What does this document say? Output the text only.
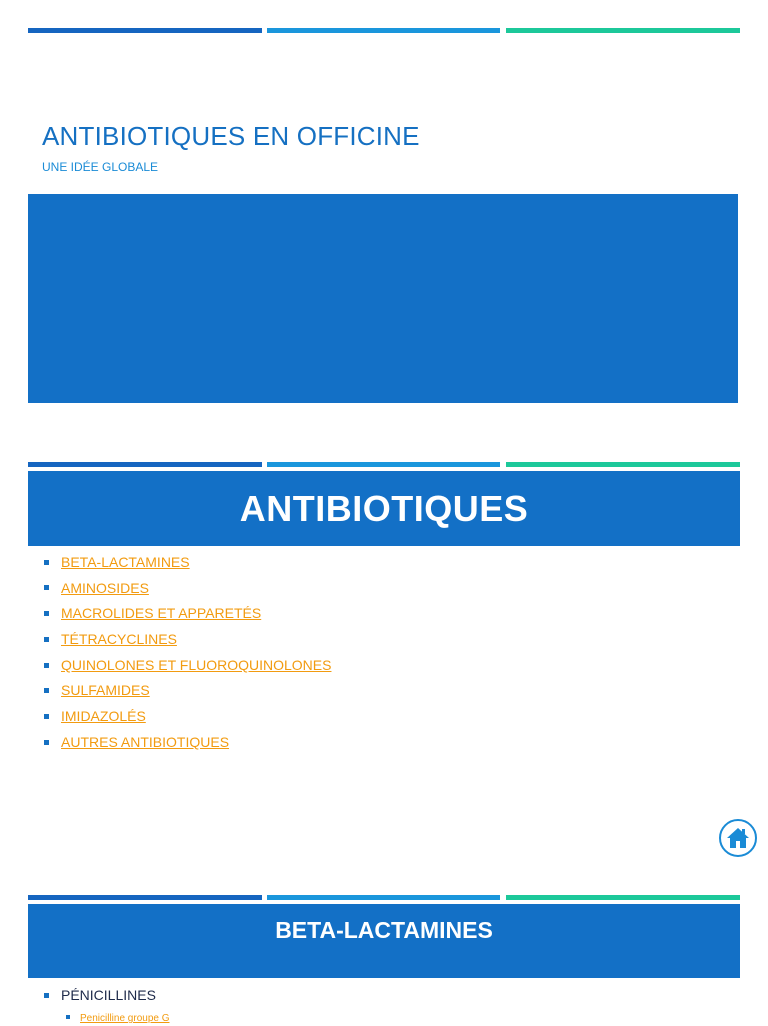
ANTIBIOTIQUES EN OFFICINE

UNE IDÉE GLOBALE

ANTIBIOTIQUES
BETA-LACTAMINES
AMINOSIDES
MACROLIDES ET APPARETÉS
TÉTRACYCLINES
QUINOLONES ET FLUOROQUINOLONES
SULFAMIDES
IMIDAZOLÉS
AUTRES ANTIBIOTIQUES
BETA-LACTAMINES
PÉNICILLINES
Penicilline groupe G
